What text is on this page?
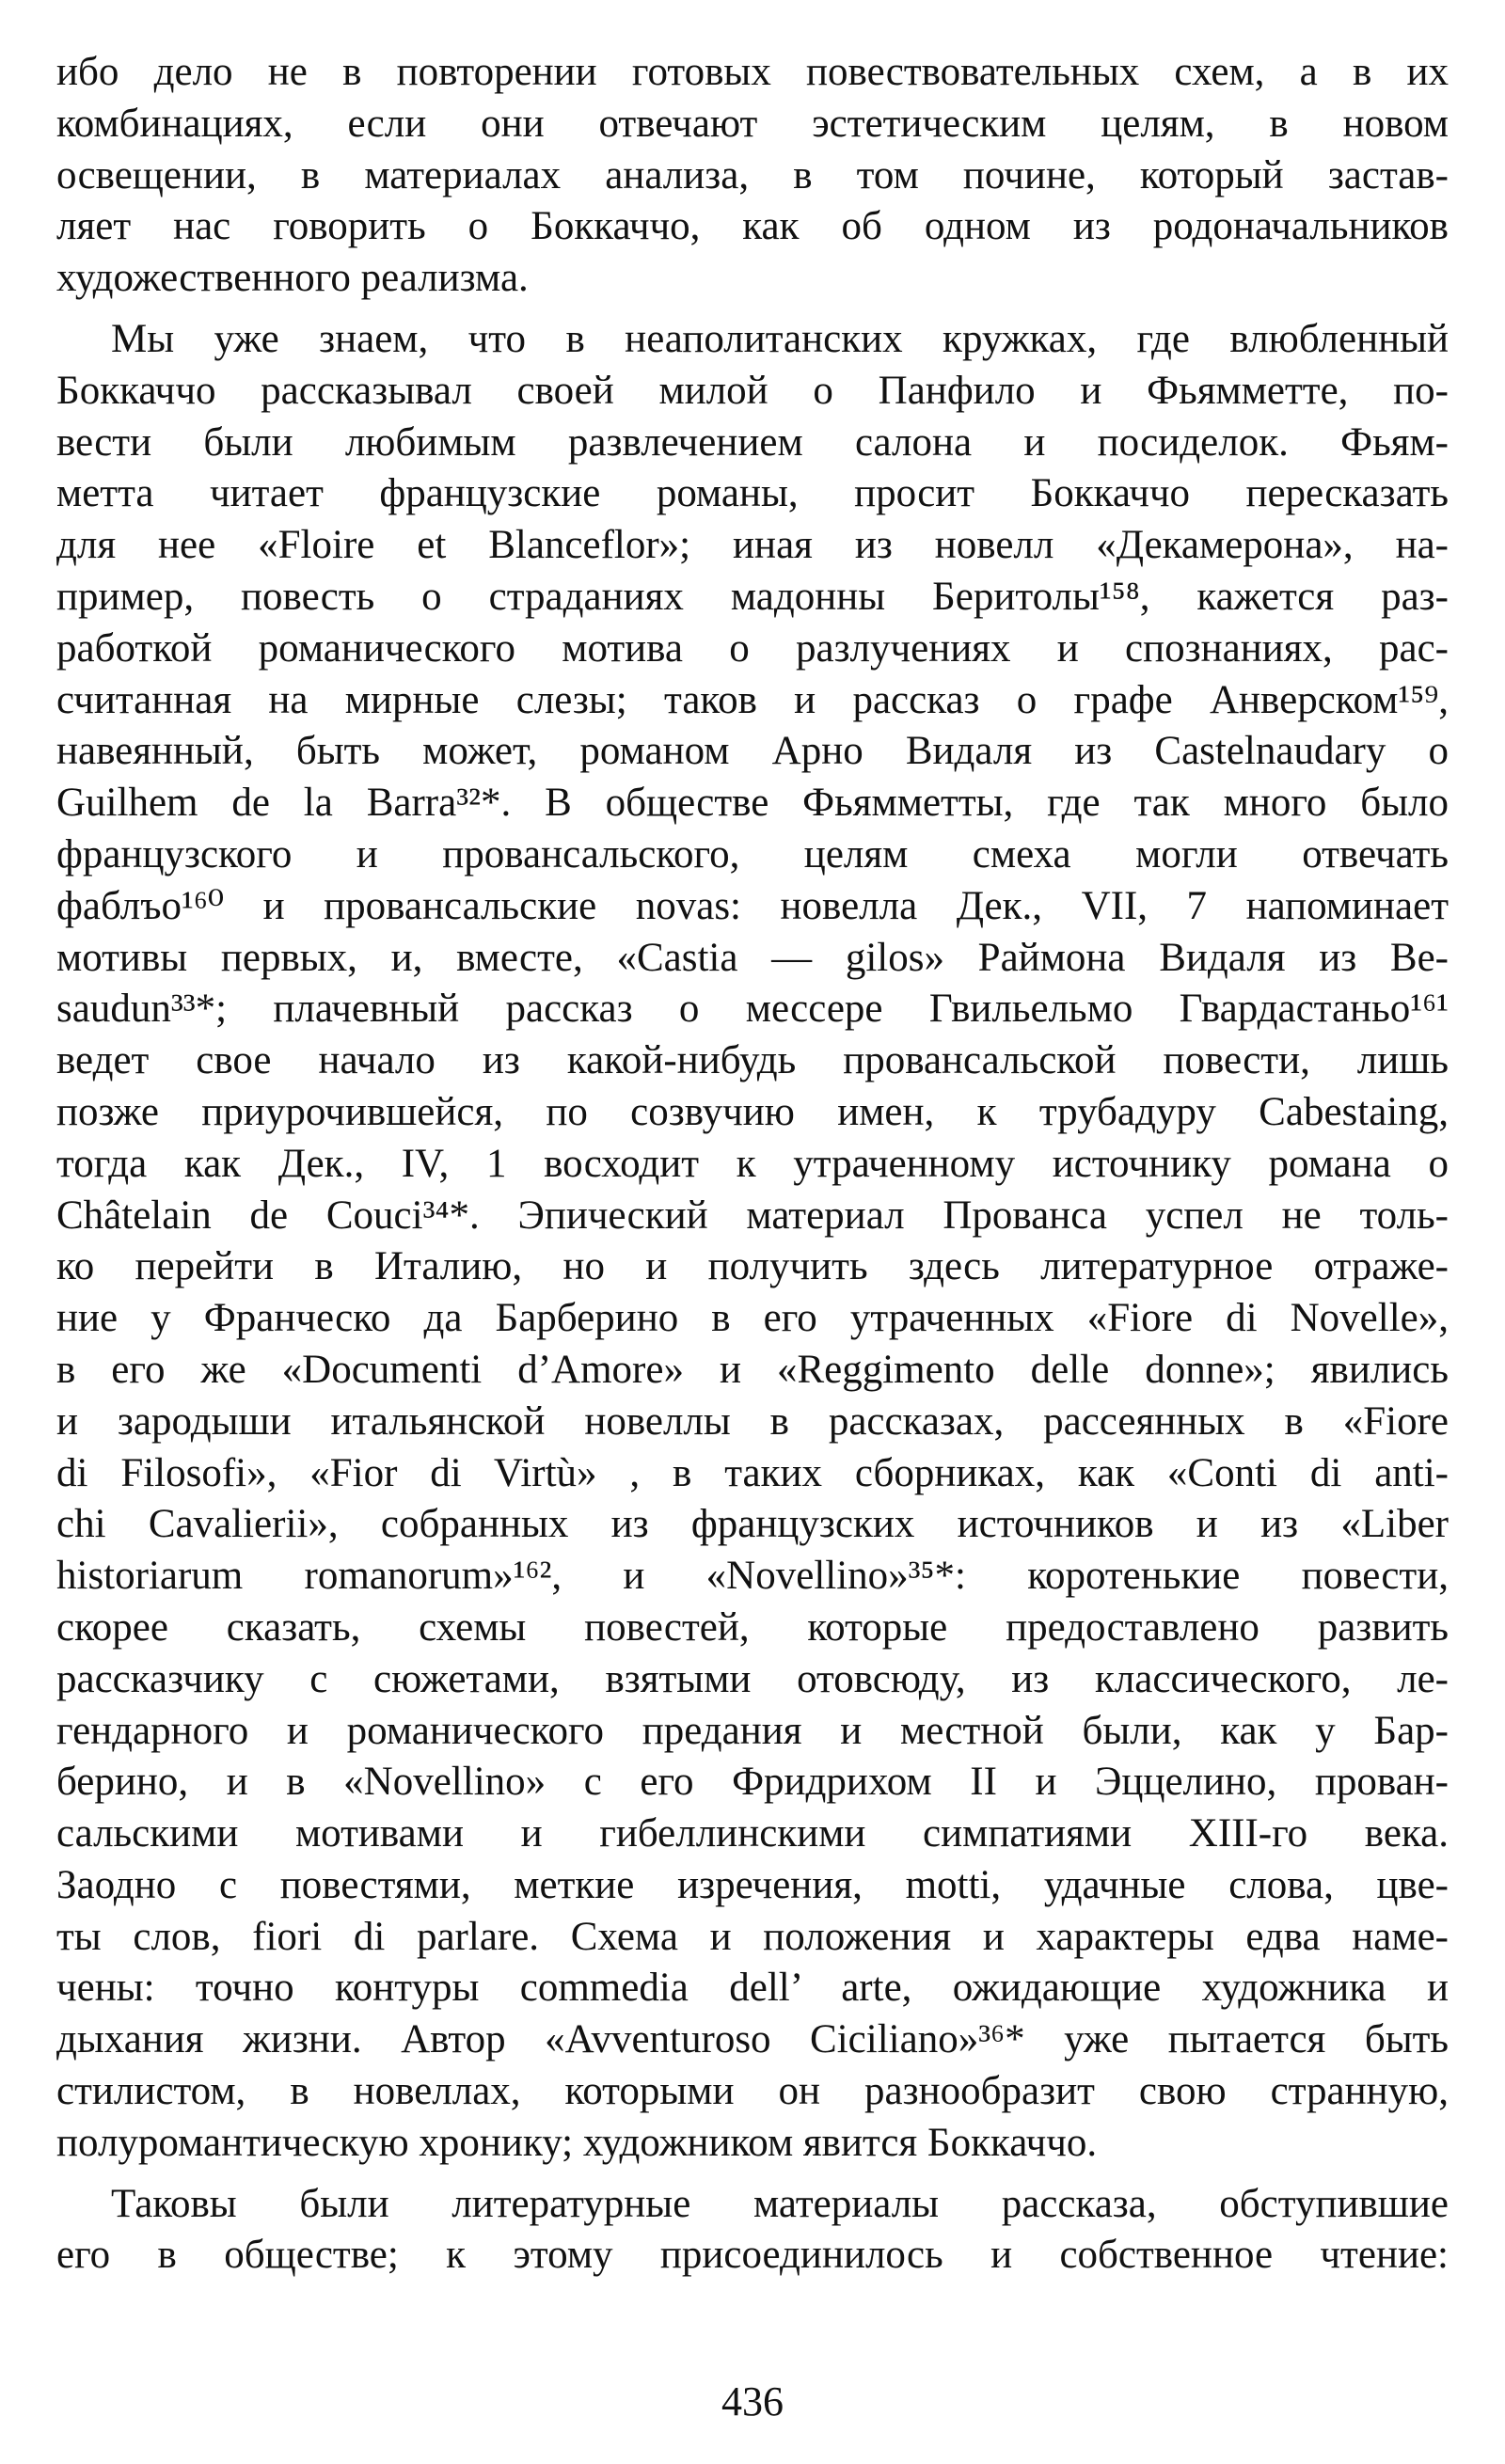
ибо дело не в повторении готовых повествовательных схем, а в их
комбинациях, если они отвечают эстетическим целям, в новом
освещении, в материалах анализа, в том почине, который застав-
ляет нас говорить о Боккаччо, как об одном из родоначальников
художественного реализма.
Мы уже знаем, что в неаполитанских кружках, где влюбленный
Боккаччо рассказывал своей милой о Панфило и Фьямметте, по-
вести были любимым развлечением салона и посиделок. Фьям-
метта читает французские романы, просит Боккаччо пересказать
для нее «Floire et Blanceflor»; иная из новелл «Декамерона», на-
пример, повесть о страданиях мадонны Беритолы¹⁵⁸, кажется раз-
работкой романического мотива о разлучениях и спознаниях, рас-
считанная на мирные слезы; таков и рассказ о графе Анверском¹⁵⁹,
навеянный, быть может, романом Арно Видаля из Castelnaudary о
Guilhem de la Barra³²*. В обществе Фьямметты, где так много было
французского и провансальского, целям смеха могли отвечать
фаблъо¹⁶⁰ и провансальские novas: новелла Дек., VII, 7 напоминает
мотивы первых, и, вместе, «Castia — gilos» Раймона Видаля из Be-
saudun³³*; плачевный рассказ о мессере Гвильельмо Гвардастаньо¹⁶¹
ведет свое начало из какой-нибудь провансальской повести, лишь
позже приурочившейся, по созвучию имен, к трубадуру Cabestaing,
тогда как Дек., IV, 1 восходит к утраченному источнику романа о
Châtelain de Couci³⁴*. Эпический материал Прованса успел не толь-
ко перейти в Италию, но и получить здесь литературное отраже-
ние у Франческо да Барберино в его утраченных «Fiore di Novelle»,
в его же «Documenti d’Amore» и «Reggimento delle donne»; явились
и зародыши итальянской новеллы в рассказах, рассеянных в «Fiore
di Filosofi», «Fior di Virtù» , в таких сборниках, как «Conti di anti-
chi Cavalierii», собранных из французских источников и из «Liber
historiarum romanorum»¹⁶², и «Novellino»³⁵*: коротенькие повести,
скорее сказать, схемы повестей, которые предоставлено развить
рассказчику с сюжетами, взятыми отовсюду, из классического, ле-
гендарного и романического предания и местной были, как у Бар-
берино, и в «Novellino» с его Фридрихом II и Эццелино, прован-
сальскими мотивами и гибеллинскими симпатиями XIII-го века.
Заодно с повестями, меткие изречения, motti, удачные слова, цве-
ты слов, fiori di parlare. Схема и положения и характеры едва наме-
чены: точно контуры commedia dell’ arte, ожидающие художника и
дыхания жизни. Автор «Avventuroso Ciciliano»³⁶* уже пытается быть
стилистом, в новеллах, которыми он разнообразит свою странную,
полуромантическую хронику; художником явится Боккаччо.
Таковы были литературные материалы рассказа, обступившие
его в обществе; к этому присоединилось и собственное чтение:
436
